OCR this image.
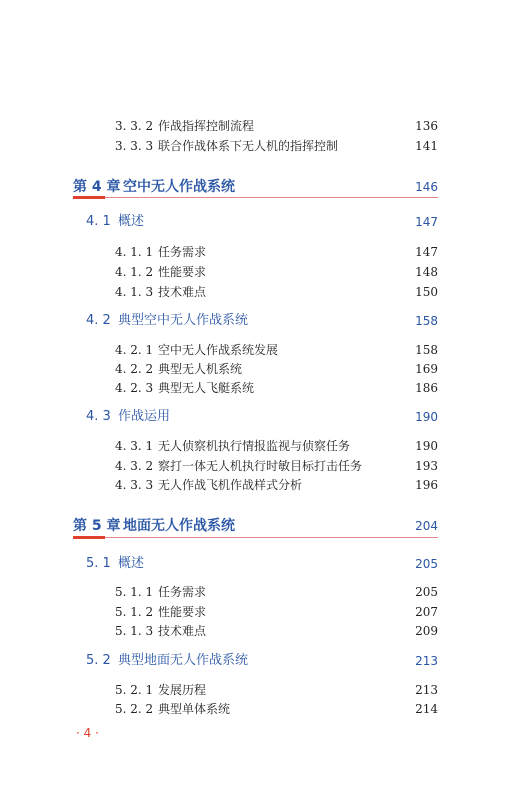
3. 3. 2 作战指挥控制流程	136
3. 3. 3 联合作战体系下无人机的指挥控制	141
第 4 章 空中无人作战系统	146
4. 1 概述	147
4. 1. 1 任务需求	147
4. 1. 2 性能要求	148
4. 1. 3 技术难点	150
4. 2 典型空中无人作战系统	158
4. 2. 1 空中无人作战系统发展	158
4. 2. 2 典型无人机系统	169
4. 2. 3 典型无人飞艇系统	186
4. 3 作战运用	190
4. 3. 1 无人侦察机执行情报监视与侦察任务	190
4. 3. 2 察打一体无人机执行时敏目标打击任务	193
4. 3. 3 无人作战飞机作战样式分析	196
第 5 章 地面无人作战系统	204
5. 1 概述	205
5. 1. 1 任务需求	205
5. 1. 2 性能要求	207
5. 1. 3 技术难点	209
5. 2 典型地面无人作战系统	213
5. 2. 1 发展历程	213
5. 2. 2 典型单体系统	214
· 4 ·
